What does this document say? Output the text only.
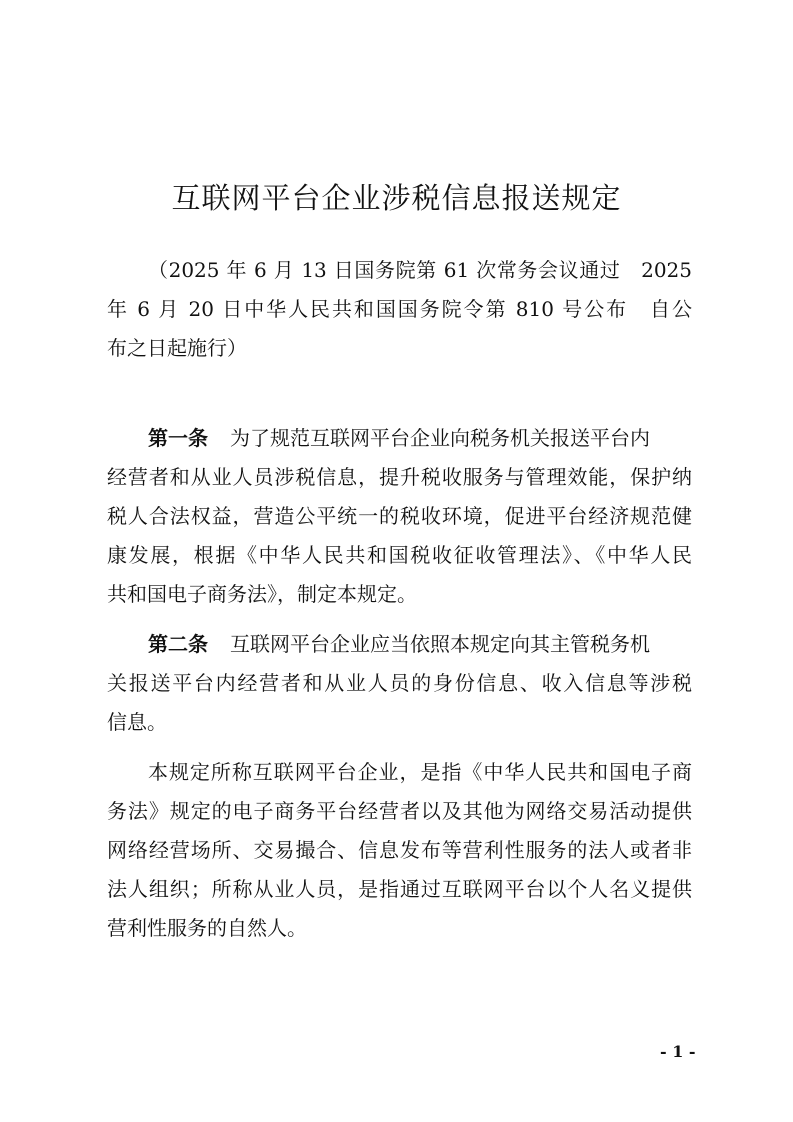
互联网平台企业涉税信息报送规定
（2025 年 6 月 13 日国务院第 61 次常务会议通过　2025
年 6 月 20 日中华人民共和国国务院令第 810 号公布　自公
布之日起施行）
第一条 为了规范互联网平台企业向税务机关报送平台内
经营者和从业人员涉税信息，提升税收服务与管理效能，保护纳
税人合法权益，营造公平统一的税收环境，促进平台经济规范健
康发展，根据《中华人民共和国税收征收管理法》、《中华人民
共和国电子商务法》，制定本规定。
第二条 互联网平台企业应当依照本规定向其主管税务机
关报送平台内经营者和从业人员的身份信息、收入信息等涉税
信息。
本规定所称互联网平台企业，是指《中华人民共和国电子商
务法》规定的电子商务平台经营者以及其他为网络交易活动提供
网络经营场所、交易撮合、信息发布等营利性服务的法人或者非
法人组织；所称从业人员，是指通过互联网平台以个人名义提供
营利性服务的自然人。
- 1 -
